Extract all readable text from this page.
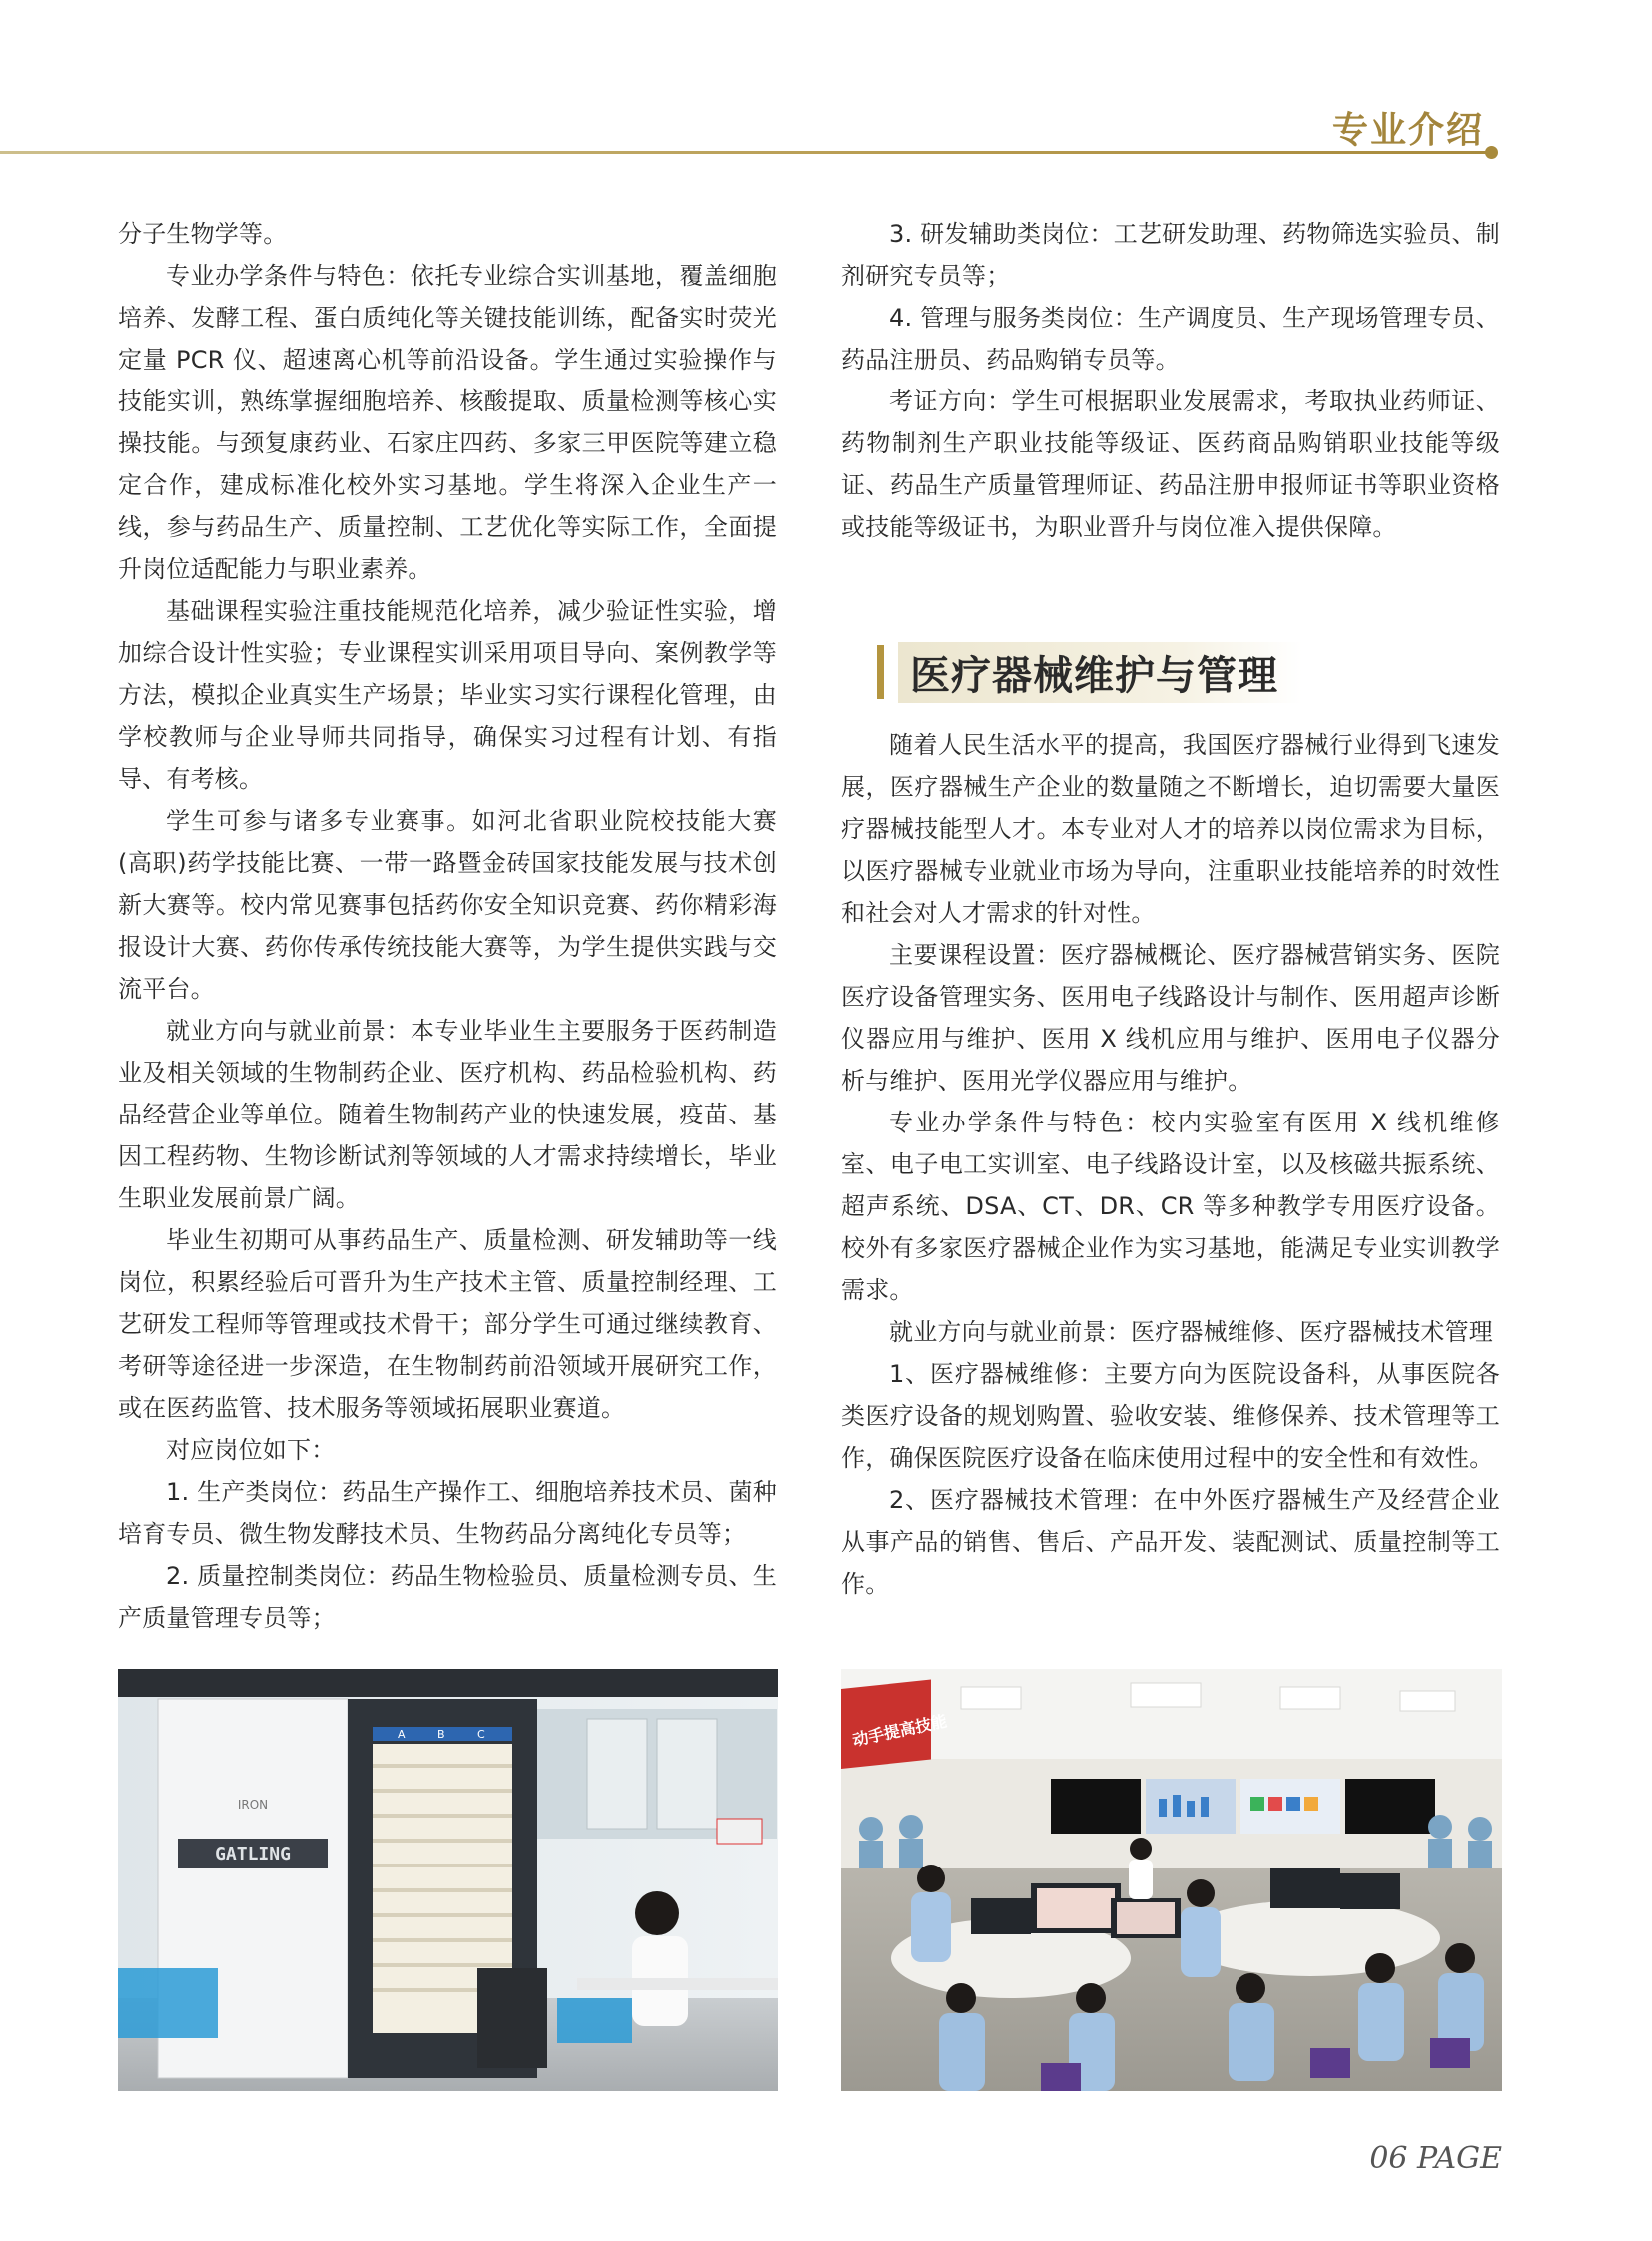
专业介绍

分子生物学等。

专业办学条件与特色：依托专业综合实训基地，覆盖细胞培养、发酵工程、蛋白质纯化等关键技能训练，配备实时荧光定量 PCR 仪、超速离心机等前沿设备。学生通过实验操作与技能实训，熟练掌握细胞培养、核酸提取、质量检测等核心实操技能。与颈复康药业、石家庄四药、多家三甲医院等建立稳定合作，建成标准化校外实习基地。学生将深入企业生产一线，参与药品生产、质量控制、工艺优化等实际工作，全面提升岗位适配能力与职业素养。

基础课程实验注重技能规范化培养，减少验证性实验，增加综合设计性实验；专业课程实训采用项目导向、案例教学等方法，模拟企业真实生产场景；毕业实习实行课程化管理，由学校教师与企业导师共同指导，确保实习过程有计划、有指导、有考核。

学生可参与诸多专业赛事。如河北省职业院校技能大赛(高职)药学技能比赛、一带一路暨金砖国家技能发展与技术创新大赛等。校内常见赛事包括药你安全知识竞赛、药你精彩海报设计大赛、药你传承传统技能大赛等，为学生提供实践与交流平台。

就业方向与就业前景：本专业毕业生主要服务于医药制造业及相关领域的生物制药企业、医疗机构、药品检验机构、药品经营企业等单位。随着生物制药产业的快速发展，疫苗、基因工程药物、生物诊断试剂等领域的人才需求持续增长，毕业生职业发展前景广阔。

毕业生初期可从事药品生产、质量检测、研发辅助等一线岗位，积累经验后可晋升为生产技术主管、质量控制经理、工艺研发工程师等管理或技术骨干；部分学生可通过继续教育、考研等途径进一步深造，在生物制药前沿领域开展研究工作，或在医药监管、技术服务等领域拓展职业赛道。

对应岗位如下：

1. 生产类岗位：药品生产操作工、细胞培养技术员、菌种培育专员、微生物发酵技术员、生物药品分离纯化专员等；

2. 质量控制类岗位：药品生物检验员、质量检测专员、生产质量管理专员等；

3. 研发辅助类岗位：工艺研发助理、药物筛选实验员、制剂研究专员等；

4. 管理与服务类岗位：生产调度员、生产现场管理专员、药品注册员、药品购销专员等。

考证方向：学生可根据职业发展需求，考取执业药师证、药物制剂生产职业技能等级证、医药商品购销职业技能等级证、药品生产质量管理师证、药品注册申报师证书等职业资格或技能等级证书，为职业晋升与岗位准入提供保障。

医疗器械维护与管理

随着人民生活水平的提高，我国医疗器械行业得到飞速发展，医疗器械生产企业的数量随之不断增长，迫切需要大量医疗器械技能型人才。本专业对人才的培养以岗位需求为目标，以医疗器械专业就业市场为导向，注重职业技能培养的时效性和社会对人才需求的针对性。

主要课程设置：医疗器械概论、医疗器械营销实务、医院医疗设备管理实务、医用电子线路设计与制作、医用超声诊断仪器应用与维护、医用 X 线机应用与维护、医用电子仪器分析与维护、医用光学仪器应用与维护。

专业办学条件与特色：校内实验室有医用 X 线机维修室、电子电工实训室、电子线路设计室，以及核磁共振系统、超声系统、DSA、CT、DR、CR 等多种教学专用医疗设备。校外有多家医疗器械企业作为实习基地，能满足专业实训教学需求。

就业方向与就业前景：医疗器械维修、医疗器械技术管理

1、医疗器械维修：主要方向为医院设备科，从事医院各类医疗设备的规划购置、验收安装、维修保养、技术管理等工作，确保医院医疗设备在临床使用过程中的安全性和有效性。

2、医疗器械技术管理：在中外医疗器械生产及经营企业从事产品的销售、售后、产品开发、装配测试、质量控制等工作。

GATLING
IRON
A	B	C	动手提高技能
06 PAGE
